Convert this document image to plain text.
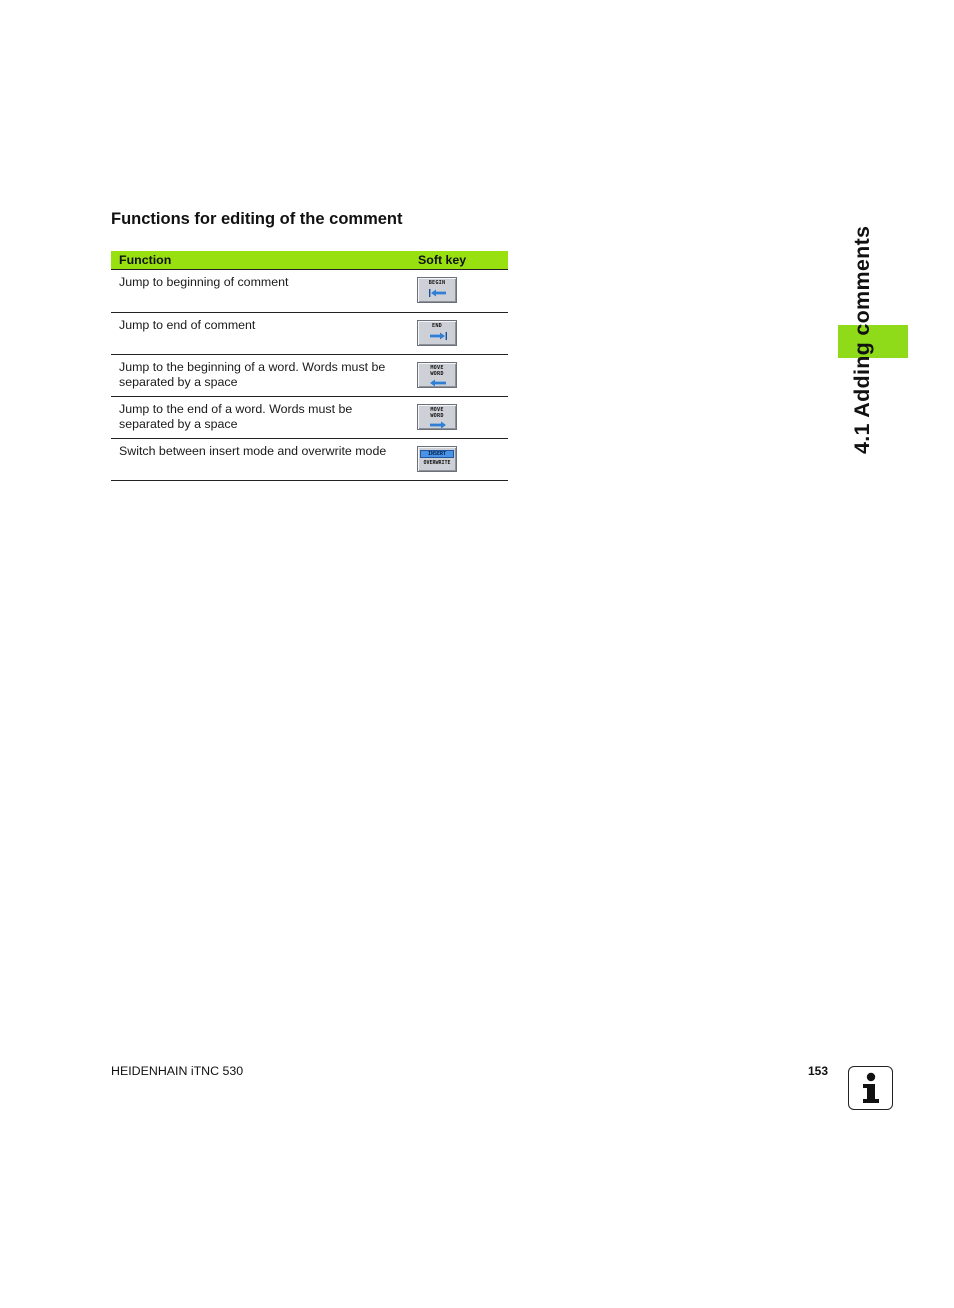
Functions for editing of the comment
Function	Soft key
Jump to beginning of comment	BEGIN

Jump to end of comment	END

Jump to the beginning of a word. Words must be separated by a space	MOVE
WORD

Jump to the end of a word. Words must be separated by a space	MOVE
WORD

Switch between insert mode and overwrite mode	INSERT
OVERWRITE
4.1 Adding comments
HEIDENHAIN iTNC 530	153
